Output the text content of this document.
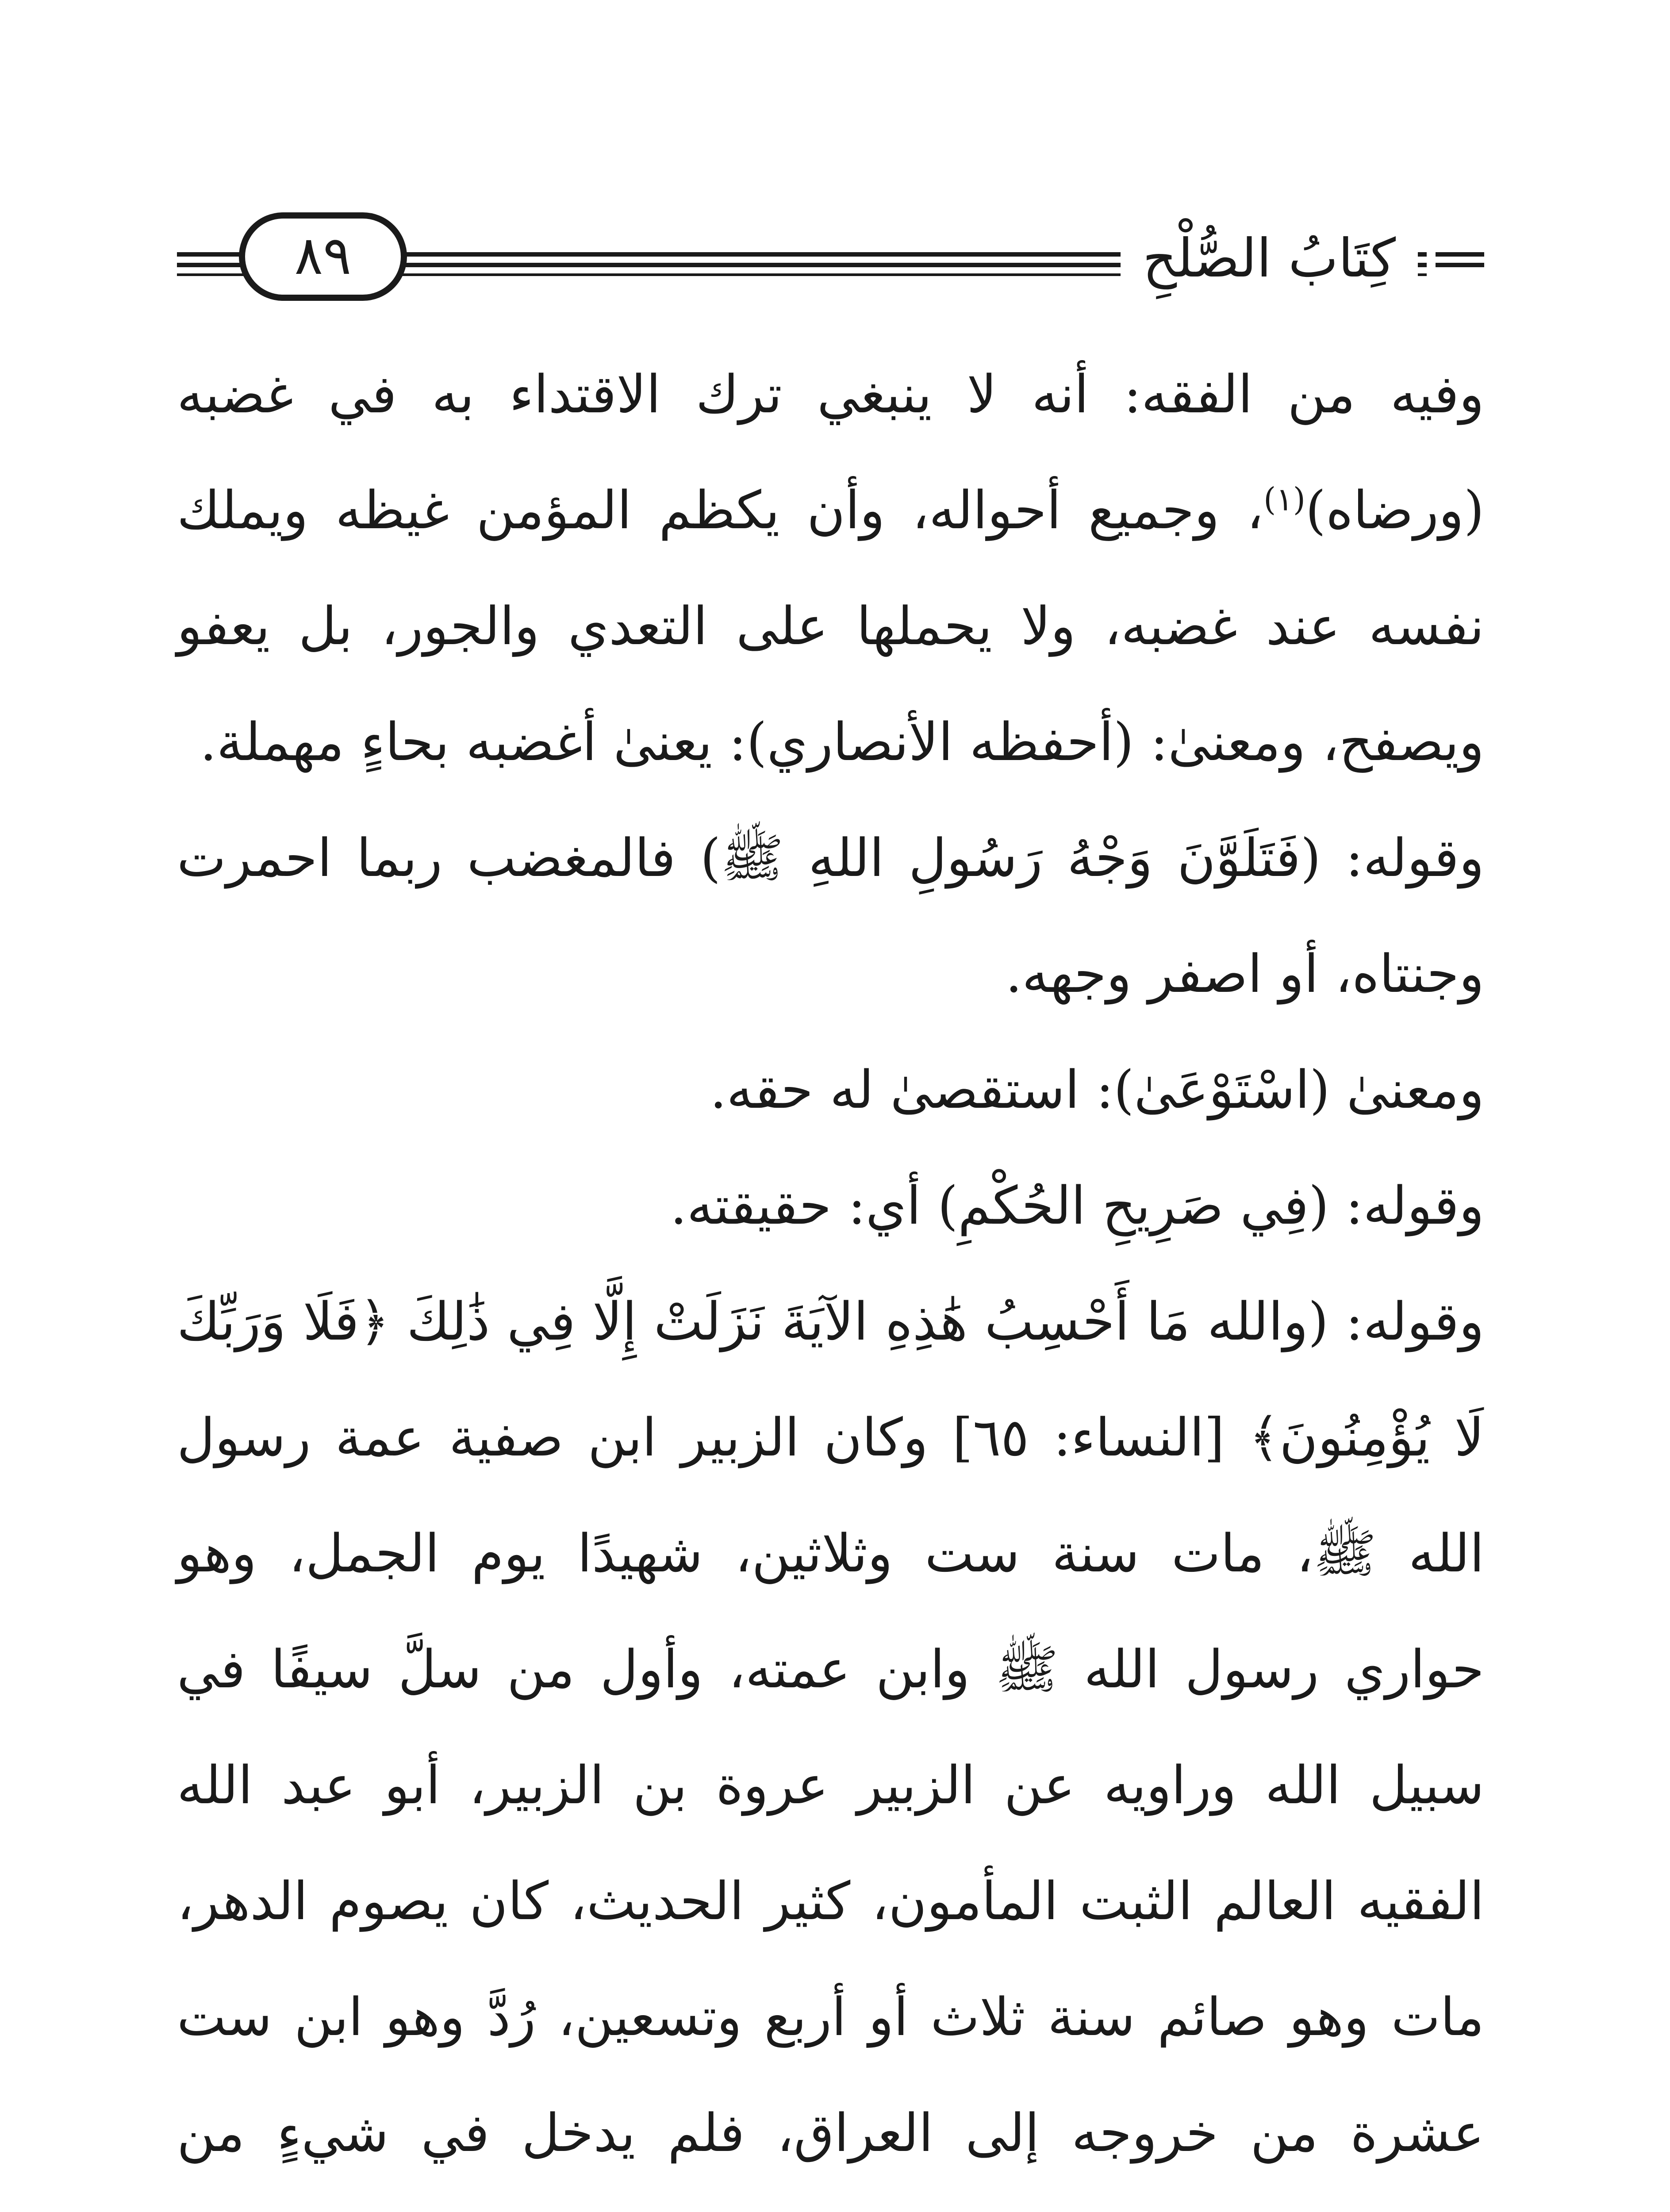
كِتَابُ الصُّلْحِ
٨٩

وفيه من الفقه: أنه لا ينبغي ترك الاقتداء به في غضبه (ورضاه)$^{(١)}$، وجميع أحواله، وأن يكظم المؤمن غيظه ويملك نفسه عند غضبه، ولا يحملها على التعدي والجور، بل يعفو ويصفح، ومعنىٰ: (أحفظه الأنصاري): يعنىٰ أغضبه بحاءٍ مهملة.

وقوله: (فَتَلَوَّنَ وَجْهُ رَسُولِ اللهِ ﷺ) فالمغضب ربما احمرت وجنتاه، أو اصفر وجهه.

ومعنىٰ (اسْتَوْعَىٰ): استقصىٰ له حقه.

وقوله: (فِي صَرِيحِ الحُكْمِ) أي: حقيقته.

وقوله: (والله مَا أَحْسِبُ هَٰذِهِ الآيَةَ نَزَلَتْ إِلَّا فِي ذَٰلِكَ ﴿فَلَا وَرَبِّكَ لَا يُؤْمِنُونَ﴾ [النساء: ٦٥] وكان الزبير ابن صفية عمة رسول الله ﷺ، مات سنة ست وثلاثين، شهيدًا يوم الجمل، وهو حواري رسول الله ﷺ وابن عمته، وأول من سلَّ سيفًا في سبيل الله وراويه عن الزبير عروة بن الزبير، أبو عبد الله الفقيه العالم الثبت المأمون، كثير الحديث، كان يصوم الدهر، مات وهو صائم سنة ثلاث أو أربع وتسعين، رُدَّ وهو ابن ست عشرة من خروجه إلى العراق، فلم يدخل في شيءٍ من
